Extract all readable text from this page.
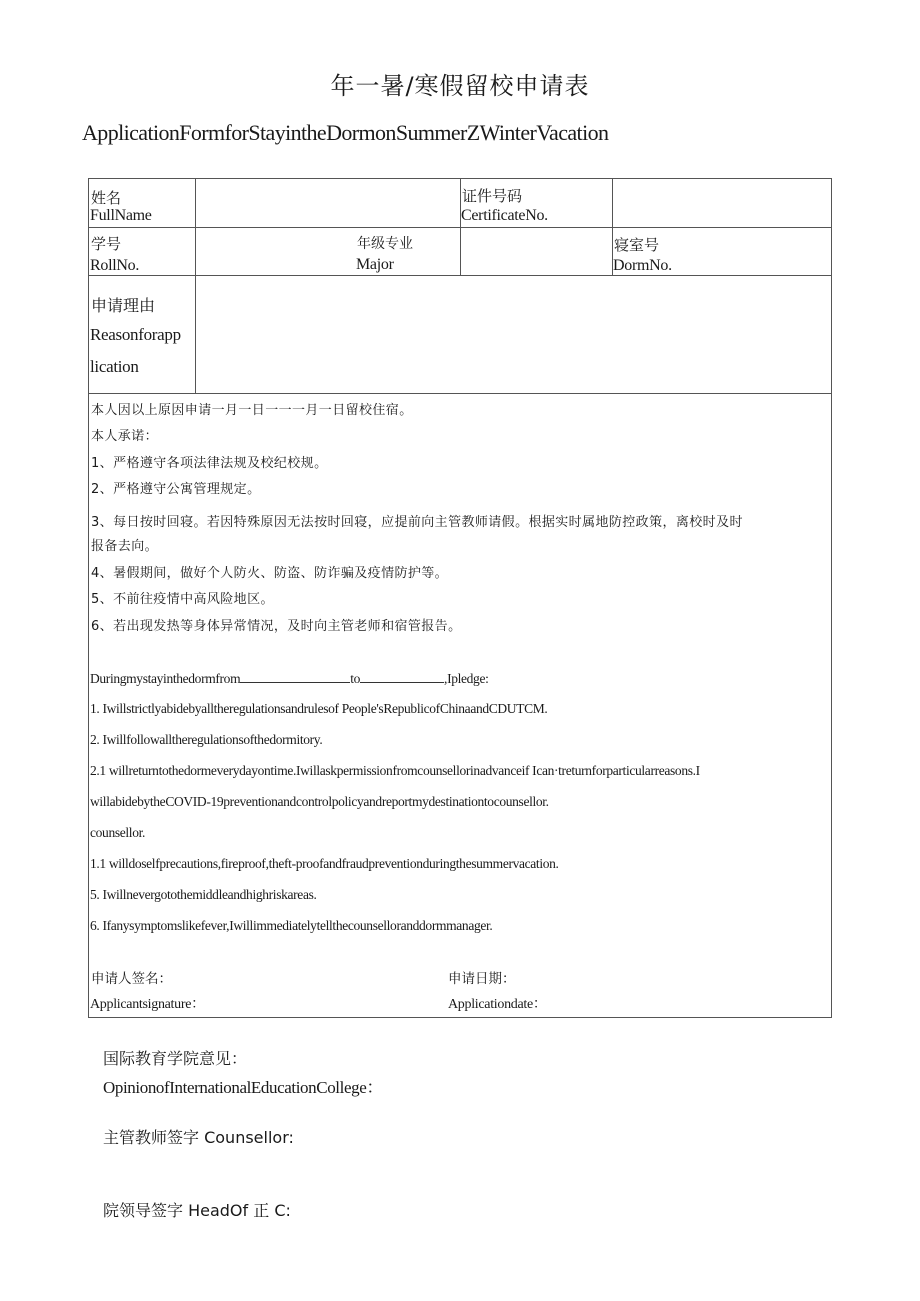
年一暑/寒假留校申请表
ApplicationFormforStayintheDormonSummerZWinterVacation
姓名
FullName
证件号码
CertificateNo.
学号
RollNo.
年级专业
Major
寝室号
DormNo.
申请理由
Reasonforapp
lication
本人因以上原因申请一月一日一一一月一日留校住宿。
本人承诺：
1、严格遵守各项法律法规及校纪校规。
2、严格遵守公寓管理规定。
3、每日按时回寝。若因特殊原因无法按时回寝，应提前向主管教师请假。根据实时属地防控政策，离校时及时
报备去向。
4、暑假期间，做好个人防火、防盗、防诈骗及疫情防护等。
5、不前往疫情中高风险地区。
6、若出现发热等身体异常情况，及时向主管老师和宿管报告。
Duringmystayinthedormfrom	to	,Ipledge:
1. Iwillstrictlyabidebyalltheregulationsandrulesof People'sRepublicofChinaandCDUTCM.
2. Iwillfollowalltheregulationsofthedormitory.
2.1 willreturntothedormeverydayontime.Iwillaskpermissionfromcounsellorinadvanceif Ican·treturnforparticularreasons.I
willabidebytheCOVID-19preventionandcontrolpolicyandreportmydestinationtocounsellor.
counsellor.
1.1 willdoselfprecautions,fireproof,theft-proofandfraudpreventionduringthesummervacation.
5. Iwillnevergotothemiddleandhighriskareas.
6. Ifanysymptomslikefever,Iwillimmediatelytellthecounselloranddormmanager.
申请人签名：
Applicantsignature：
申请日期：
Applicationdate：
国际教育学院意见：
OpinionofInternationalEducationCollege：
主管教师签字 Counsellor:
院领导签字 HeadOf 正 C:
